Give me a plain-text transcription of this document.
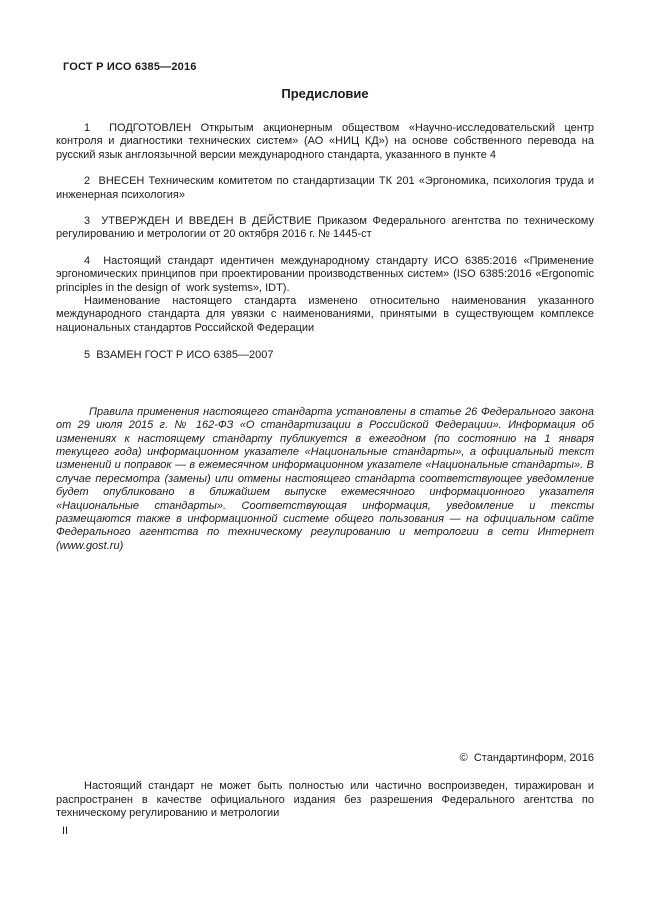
ГОСТ Р ИСО 6385—2016
Предисловие

1  ПОДГОТОВЛЕН Открытым акционерным обществом «Научно-исследовательский центр контроля и диагностики технических систем» (АО «НИЦ КД») на основе собственного перевода на русский язык англоязычной версии международного стандарта, указанного в пункте 4

2  ВНЕСЕН Техническим комитетом по стандартизации ТК 201 «Эргономика, психология труда и инженерная психология»

3  УТВЕРЖДЕН И ВВЕДЕН В ДЕЙСТВИЕ Приказом Федерального агентства по техническому регулированию и метрологии от 20 октября 2016 г. № 1445-ст

4  Настоящий стандарт идентичен международному стандарту ИСО 6385:2016 «Применение эргономических принципов при проектировании производственных систем» (ISO 6385:2016 «Ergonomic principles in the design of  work systems», IDT).

Наименование настоящего стандарта изменено относительно наименования указанного международного стандарта для увязки с наименованиями, принятыми в существующем комплексе национальных стандартов Российской Федерации

5  ВЗАМЕН ГОСТ Р ИСО 6385—2007

Правила применения настоящего стандарта установлены в статье 26 Федерального закона от 29 июля 2015 г. № 162-ФЗ «О стандартизации в Российской Федерации». Информация об изменениях к настоящему стандарту публикуется в ежегодном (по состоянию на 1 января текущего года) информационном указателе «Национальные стандарты», а официальный текст изменений и поправок — в ежемесячном информационном указателе «Национальные стандарты». В случае пересмотра (замены) или отмены настоящего стандарта соответствующее уведомление будет опубликовано в ближайшем выпуске ежемесячного информационного указателя «Национальные стандарты». Соответствующая информация, уведомление и тексты размещаются также в информационной системе общего пользования — на официальном сайте Федерального агентства по техническому регулированию и метрологии в сети Интернет (www.gost.ru)

©  Стандартинформ, 2016

Настоящий стандарт не может быть полностью или частично воспроизведен, тиражирован и распространен в качестве официального издания без разрешения Федерального агентства по техническому регулированию и метрологии

II
